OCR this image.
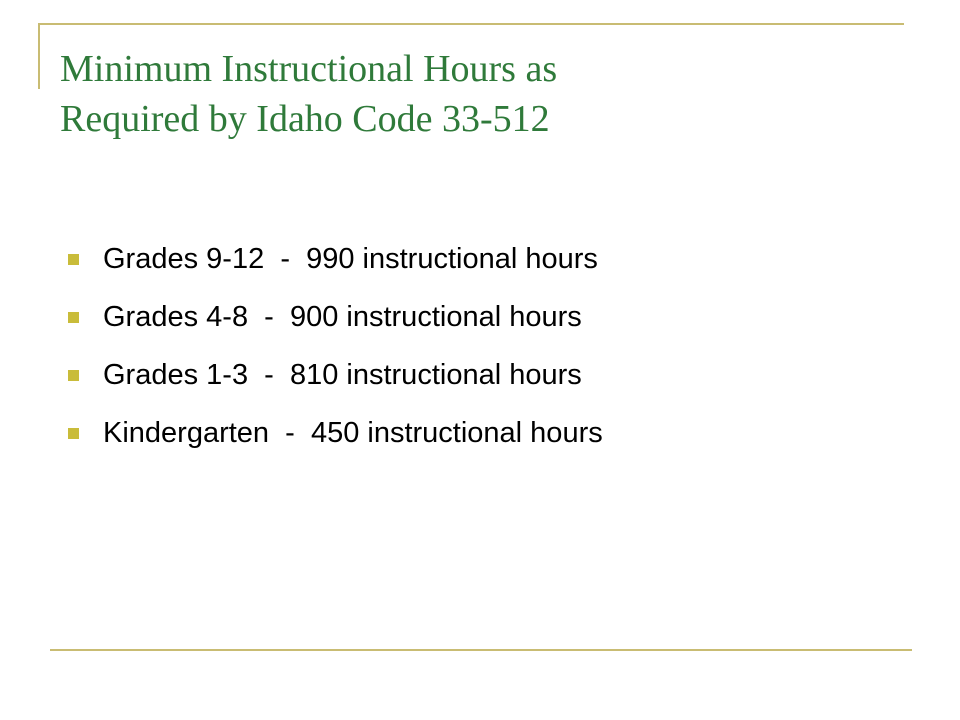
Minimum Instructional Hours as
Required by Idaho Code 33-512
Grades 9-12  -  990 instructional hours
Grades 4-8  -  900 instructional hours
Grades 1-3  -  810 instructional hours
Kindergarten  -  450 instructional hours
